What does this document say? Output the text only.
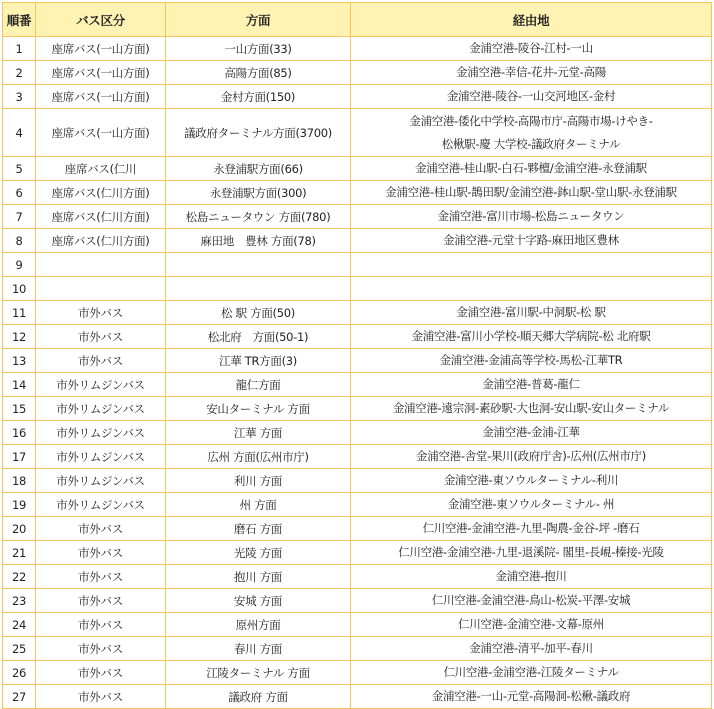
順番	バス区分	方面	経由地
1	座席バス(一山方面)	一山方面(33)	金浦空港-陵谷-江村-一山

2	座席バス(一山方面)	高陽方面(85)	金浦空港-幸信-花井-元堂-高陽

3	座席バス(一山方面)	金村方面(150)	金浦空港-陵谷-一山交河地区-金村

4	座席バス(一山方面)	議政府ターミナル方面(3700)	金浦空港-倭化中学校-高陽市庁-高陽市場-けやき-
松楸駅-慶 大学校-議政府ターミナル

5	座席バス(仁川	永登浦駅方面(66)	金浦空港-桂山駅-白石-夥檀/金浦空港-永登浦駅

6	座席バス(仁川方面)	永登浦駅方面(300)	金浦空港-桂山駅-鵲田駅/金浦空港-鉢山駅-堂山駅-永登浦駅

7	座席バス(仁川方面)	松島ニュータウン 方面(780)	金浦空港-富川市場-松島ニュータウン

8	座席バス(仁川方面)	麻田地　豊林 方面(78)	金浦空港-元堂十字路-麻田地区豊林

9			

10			

11	市外バス	松 駅 方面(50)	金浦空港-富川駅-中洞駅-松 駅

12	市外バス	松北府　方面(50-1)	金浦空港-富川小学校-順天郷大学病院-松 北府駅

13	市外バス	江華 TR方面(3)	金浦空港-金浦高等学校-馬松-江華TR

14	市外リムジンバス	龍仁方面	金浦空港-普葛-龍仁

15	市外リムジンバス	安山ターミナル 方面	金浦空港-遠宗洞-素砂駅-大也洞-安山駅-安山ターミナル

16	市外リムジンバス	江華 方面	金浦空港-金浦-江華

17	市外リムジンバス	広州 方面(広州市庁)	金浦空港-舎堂-果川(政府庁舎)-広州(広州市庁)

18	市外リムジンバス	利川 方面	金浦空港-東ソウルターミナル-利川

19	市外リムジンバス	州 方面	金浦空港-東ソウルターミナル- 州

20	市外バス	磨石 方面	仁川空港-金浦空港-九里-陶農-金谷-坪 -磨石

21	市外バス	光陵 方面	仁川空港-金浦空港-九里-退溪院- 閣里-長峴-榛接-光陵

22	市外バス	抱川 方面	金浦空港-抱川

23	市外バス	安城 方面	仁川空港-金浦空港-鳥山-松炭-平澤-安城

24	市外バス	原州方面	仁川空港-金浦空港-文幕-原州

25	市外バス	春川 方面	金浦空港-清平-加平-春川

26	市外バス	江陵ターミナル 方面	仁川空港-金浦空港-江陵ターミナル

27	市外バス	議政府 方面	金浦空港-一山-元堂-高陽洞-松楸-議政府
